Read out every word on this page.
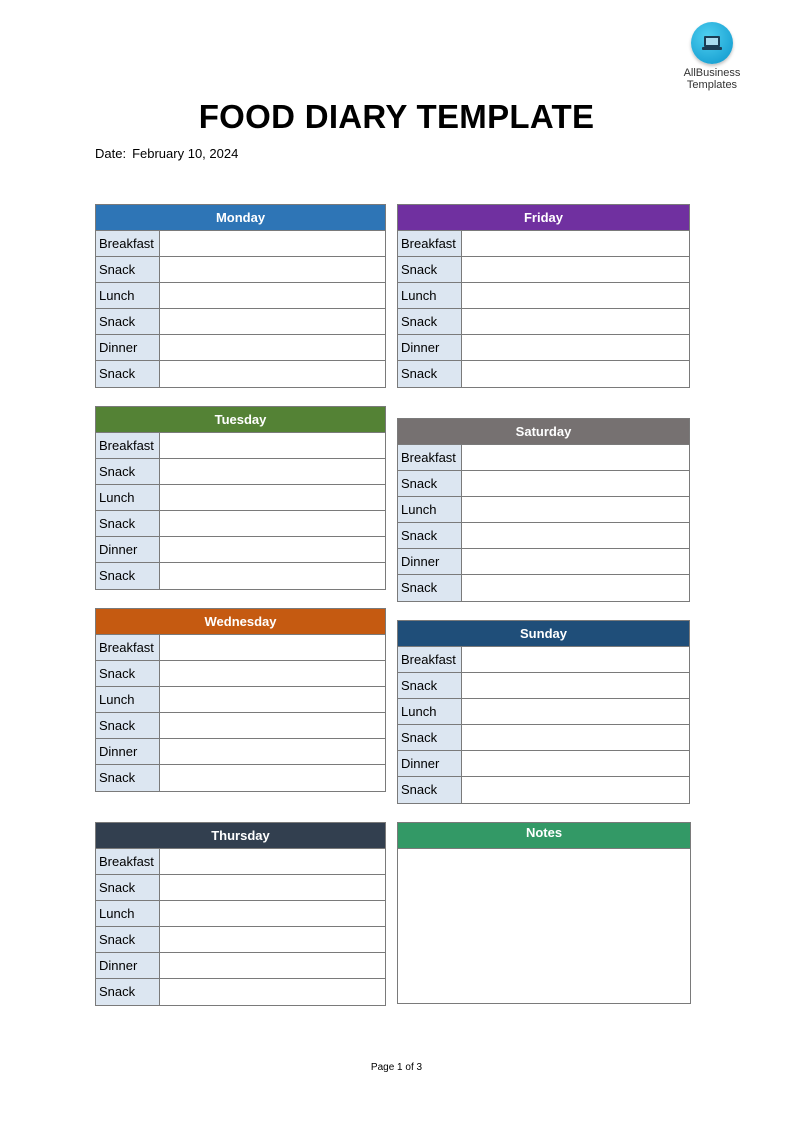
AllBusiness
Templates
FOOD DIARY TEMPLATE
Date: February 10, 2024
Monday
Breakfast
Snack
Lunch
Snack
Dinner
Snack
Tuesday
Breakfast
Snack
Lunch
Snack
Dinner
Snack
Wednesday
Breakfast
Snack
Lunch
Snack
Dinner
Snack
Thursday
Breakfast
Snack
Lunch
Snack
Dinner
Snack
Friday
Breakfast
Snack
Lunch
Snack
Dinner
Snack
Saturday
Breakfast
Snack
Lunch
Snack
Dinner
Snack
Sunday
Breakfast
Snack
Lunch
Snack
Dinner
Snack
Notes
Page 1 of 3
